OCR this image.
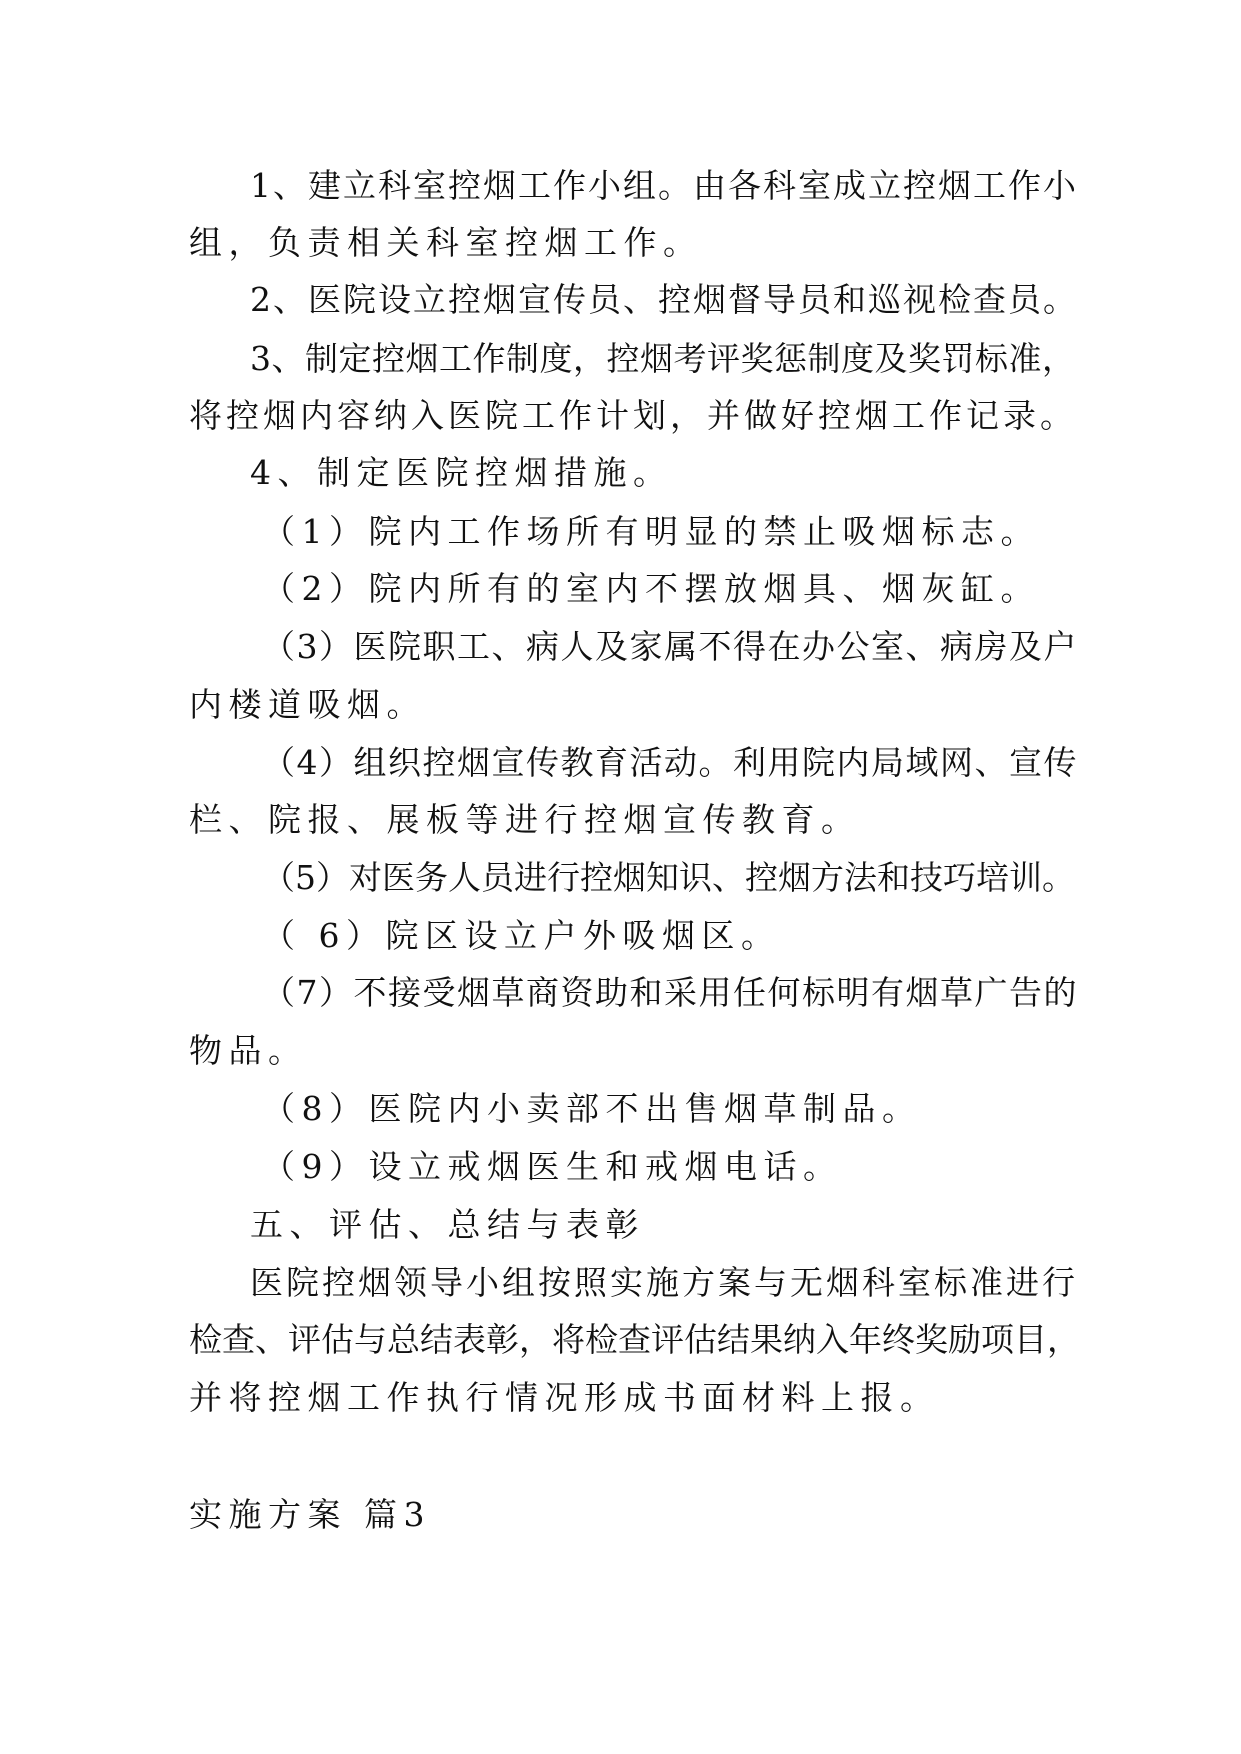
1、建立科室控烟工作小组。由各科室成立控烟工作小
组，负责相关科室控烟工作。
2、医院设立控烟宣传员、控烟督导员和巡视检查员。
3、制定控烟工作制度，控烟考评奖惩制度及奖罚标准，
将控烟内容纳入医院工作计划，并做好控烟工作记录。
4、制定医院控烟措施。
（1）院内工作场所有明显的禁止吸烟标志。
（2）院内所有的室内不摆放烟具、烟灰缸。
（3）医院职工、病人及家属不得在办公室、病房及户
内楼道吸烟。
（4）组织控烟宣传教育活动。利用院内局域网、宣传
栏、院报、展板等进行控烟宣传教育。
（5）对医务人员进行控烟知识、控烟方法和技巧培训。
（ 6）院区设立户外吸烟区。
（7）不接受烟草商资助和采用任何标明有烟草广告的
物品。
（8）医院内小卖部不出售烟草制品。
（9）设立戒烟医生和戒烟电话。
五、评估、总结与表彰
医院控烟领导小组按照实施方案与无烟科室标准进行
检查、评估与总结表彰，将检查评估结果纳入年终奖励项目，
并将控烟工作执行情况形成书面材料上报。
实施方案 篇3
